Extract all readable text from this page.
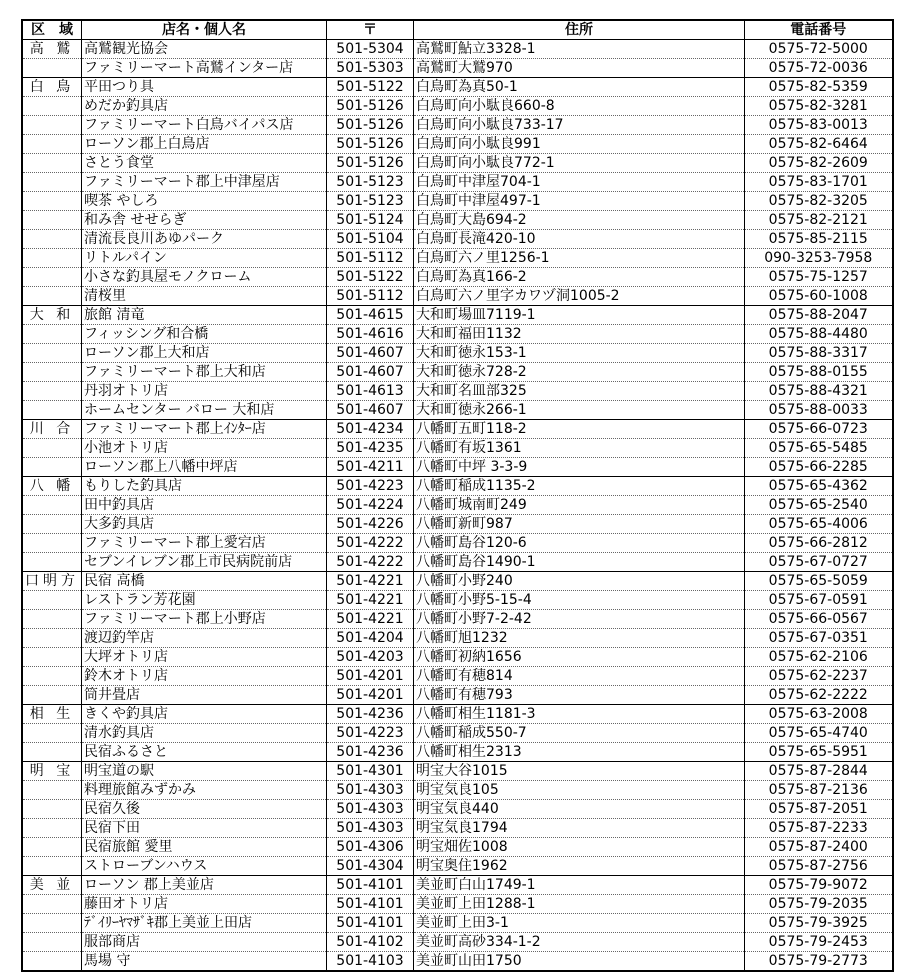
区　域	店名・個人名	〒	住所	電話番号
高 鷲	高鷲観光協会	501-5304	高鷲町鮎立3328-1	0575-72-5000
	ファミリーマート高鷲インター店	501-5303	高鷲町大鷲970	0575-72-0036
白 鳥	平田つり具	501-5122	白鳥町為真50-1	0575-82-5359
	めだか釣具店	501-5126	白鳥町向小駄良660-8	0575-82-3281
	ファミリーマート白鳥バイパス店	501-5126	白鳥町向小駄良733-17	0575-83-0013
	ローソン郡上白鳥店	501-5126	白鳥町向小駄良991	0575-82-6464
	さとう食堂	501-5126	白鳥町向小駄良772-1	0575-82-2609
	ファミリーマート郡上中津屋店	501-5123	白鳥町中津屋704-1	0575-83-1701
	喫茶 やしろ	501-5123	白鳥町中津屋497-1	0575-82-3205
	和み舎 せせらぎ	501-5124	白鳥町大島694-2	0575-82-2121
	清流長良川あゆパーク	501-5104	白鳥町長滝420-10	0575-85-2115
	リトルパイン	501-5112	白鳥町六ノ里1256-1	090-3253-7958
	小さな釣具屋モノクローム	501-5122	白鳥町為真166-2	0575-75-1257
	清桜里	501-5112	白鳥町六ノ里字カワヅ洞1005-2	0575-60-1008
大 和	旅館 清竜	501-4615	大和町場皿7119-1	0575-88-2047
	フィッシング和合橋	501-4616	大和町福田1132	0575-88-4480
	ローソン郡上大和店	501-4607	大和町徳永153-1	0575-88-3317
	ファミリーマート郡上大和店	501-4607	大和町徳永728-2	0575-88-0155
	丹羽オトリ店	501-4613	大和町名皿部325	0575-88-4321
	ホームセンター バロー 大和店	501-4607	大和町徳永266-1	0575-88-0033
川 合	ファミリーマート郡上ｲﾝﾀｰ店	501-4234	八幡町五町118-2	0575-66-0723
	小池オトリ店	501-4235	八幡町有坂1361	0575-65-5485
	ローソン郡上八幡中坪店	501-4211	八幡町中坪 3-3-9	0575-66-2285
八 幡	もりした釣具店	501-4223	八幡町稲成1135-2	0575-65-4362
	田中釣具店	501-4224	八幡町城南町249	0575-65-2540
	大多釣具店	501-4226	八幡町新町987	0575-65-4006
	ファミリーマート郡上愛宕店	501-4222	八幡町島谷120-6	0575-66-2812
	セブンイレブン郡上市民病院前店	501-4222	八幡町島谷1490-1	0575-67-0727
口明方	民宿 高橋	501-4221	八幡町小野240	0575-65-5059
	レストラン芳花園	501-4221	八幡町小野5-15-4	0575-67-0591
	ファミリーマート郡上小野店	501-4221	八幡町小野7-2-42	0575-66-0567
	渡辺釣竿店	501-4204	八幡町旭1232	0575-67-0351
	大坪オトリ店	501-4203	八幡町初納1656	0575-62-2106
	鈴木オトリ店	501-4201	八幡町有穂814	0575-62-2237
	筒井畳店	501-4201	八幡町有穂793	0575-62-2222
相 生	きくや釣具店	501-4236	八幡町相生1181-3	0575-63-2008
	清水釣具店	501-4223	八幡町稲成550-7	0575-65-4740
	民宿ふるさと	501-4236	八幡町相生2313	0575-65-5951
明 宝	明宝道の駅	501-4301	明宝大谷1015	0575-87-2844
	料理旅館みずかみ	501-4303	明宝気良105	0575-87-2136
	民宿久後	501-4303	明宝気良440	0575-87-2051
	民宿下田	501-4303	明宝気良1794	0575-87-2233
	民宿旅館 愛里	501-4306	明宝畑佐1008	0575-87-2400
	ストローブンハウス	501-4304	明宝奥住1962	0575-87-2756
美 並	ローソン 郡上美並店	501-4101	美並町白山1749-1	0575-79-9072
	藤田オトリ店	501-4101	美並町上田1288-1	0575-79-2035
	ﾃﾞｲﾘｰﾔﾏｻﾞｷ郡上美並上田店	501-4101	美並町上田3-1	0575-79-3925
	服部商店	501-4102	美並町高砂334-1-2	0575-79-2453
	馬場 守	501-4103	美並町山田1750	0575-79-2773
